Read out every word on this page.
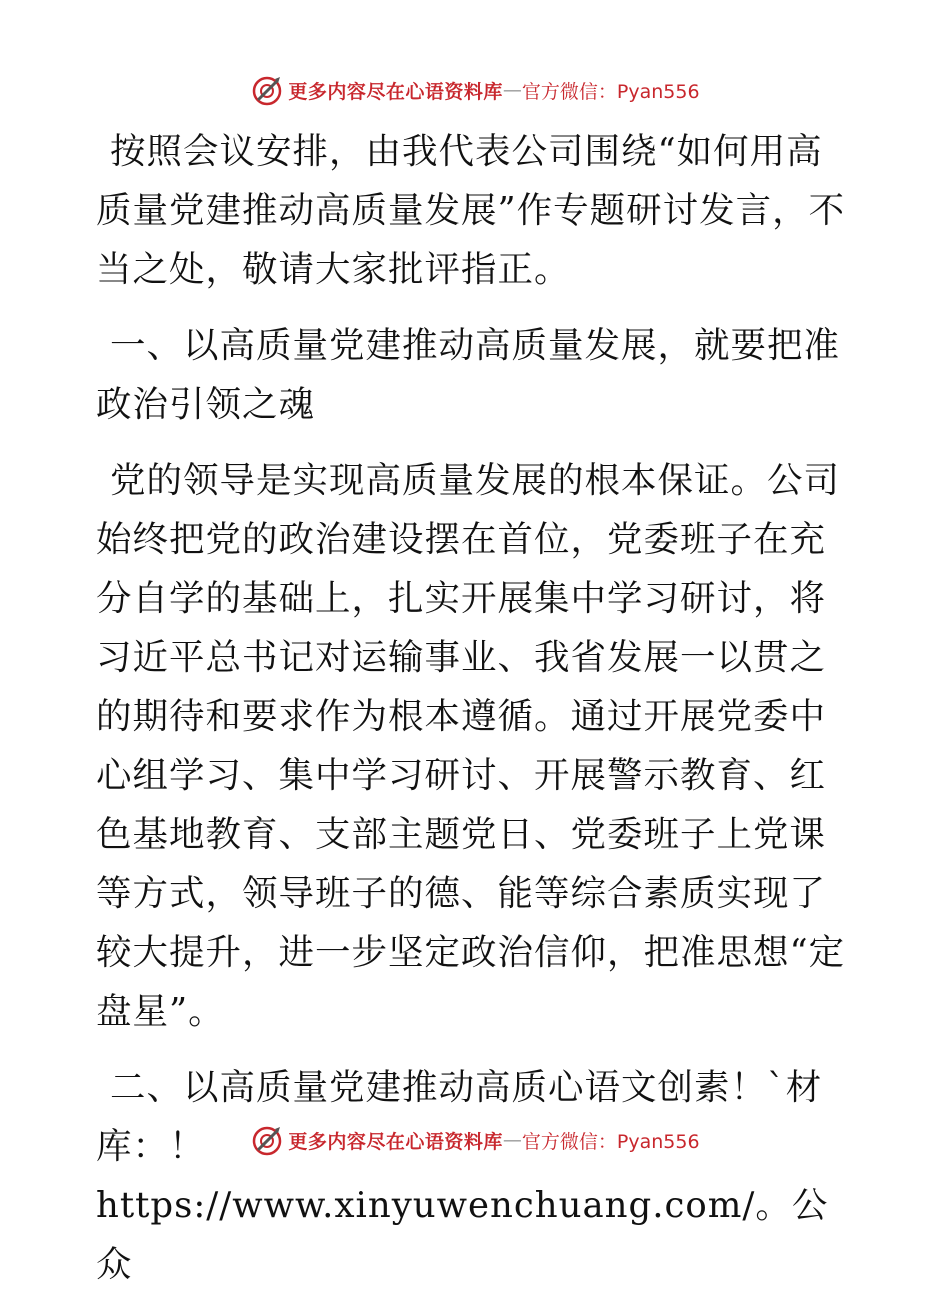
更多内容尽在心语资料库 — 官方微信：Pyan556

按照会议安排，由我代表公司围绕“如何用高质量党建推动高质量发展”作专题研讨发言，不当之处，敬请大家批评指正。

一、以高质量党建推动高质量发展，就要把准政治引领之魂

党的领导是实现高质量发展的根本保证。公司始终把党的政治建设摆在首位，党委班子在充分自学的基础上，扎实开展集中学习研讨，将习近平总书记对运输事业、我省发展一以贯之的期待和要求作为根本遵循。通过开展党委中心组学习、集中学习研讨、开展警示教育、红色基地教育、支部主题党日、党委班子上党课等方式，领导班子的德、能等综合素质实现了较大提升，进一步坚定政治信仰，把准思想“定盘星”。

二、以高质量党建推动高质心语文创素！`材库：！https://www.xinyuwenchuang.com/。公众

更多内容尽在心语资料库 — 官方微信：Pyan556
